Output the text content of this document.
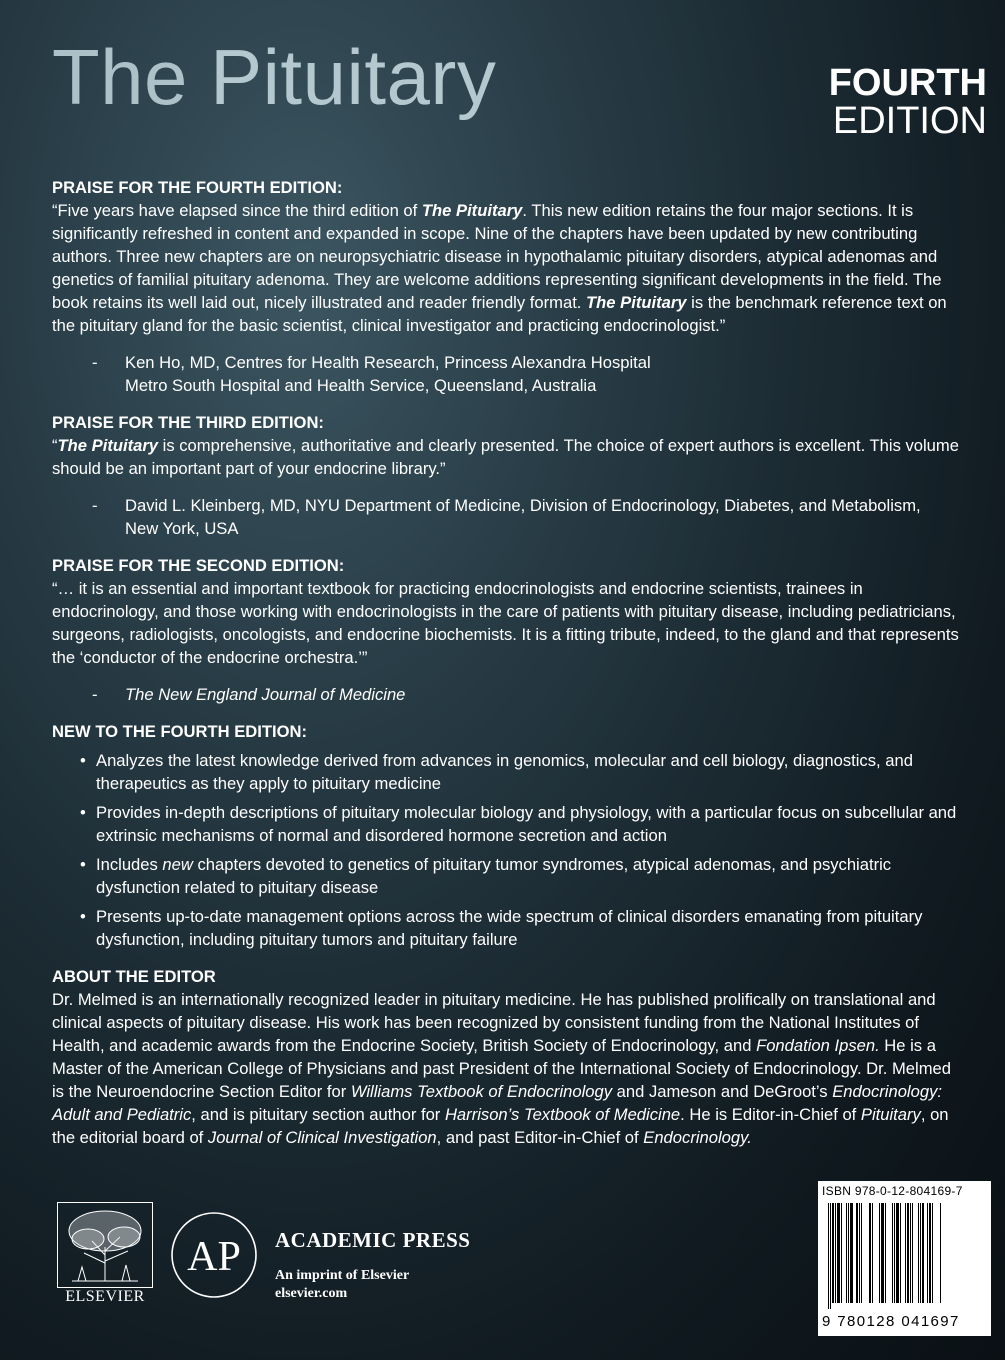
The Pituitary	FOURTH
EDITION

PRAISE FOR THE FOURTH EDITION:

“Five years have elapsed since the third edition of The Pituitary. This new edition retains the four major sections. It is significantly refreshed in content and expanded in scope. Nine of the chapters have been updated by new contributing authors. Three new chapters are on neuropsychiatric disease in hypothalamic pituitary disorders, atypical adenomas and genetics of familial pituitary adenoma. They are welcome additions representing significant developments in the field. The book retains its well laid out, nicely illustrated and reader friendly format. The Pituitary is the benchmark reference text on the pituitary gland for the basic scientist, clinical investigator and practicing endocrinologist.”

-	Ken Ho, MD, Centres for Health Research, Princess Alexandra Hospital
Metro South Hospital and Health Service, Queensland, Australia

PRAISE FOR THE THIRD EDITION:

“The Pituitary is comprehensive, authoritative and clearly presented. The choice of expert authors is excellent. This volume should be an important part of your endocrine library.”

-	David L. Kleinberg, MD, NYU Department of Medicine, Division of Endocrinology, Diabetes, and Metabolism,
New York, USA

PRAISE FOR THE SECOND EDITION:

“… it is an essential and important textbook for practicing endocrinologists and endocrine scientists, trainees in endocrinology, and those working with endocrinologists in the care of patients with pituitary disease, including pediatricians, surgeons, radiologists, oncologists, and endocrine biochemists. It is a fitting tribute, indeed, to the gland and that represents the ‘conductor of the endocrine orchestra.’”

-	The New England Journal of Medicine

NEW TO THE FOURTH EDITION:

• Analyzes the latest knowledge derived from advances in genomics, molecular and cell biology, diagnostics, and therapeutics as they apply to pituitary medicine
• Provides in-depth descriptions of pituitary molecular biology and physiology, with a particular focus on subcellular and extrinsic mechanisms of normal and disordered hormone secretion and action
• Includes new chapters devoted to genetics of pituitary tumor syndromes, atypical adenomas, and psychiatric dysfunction related to pituitary disease
• Presents up-to-date management options across the wide spectrum of clinical disorders emanating from pituitary dysfunction, including pituitary tumors and pituitary failure

ABOUT THE EDITOR

Dr. Melmed is an internationally recognized leader in pituitary medicine. He has published prolifically on translational and clinical aspects of pituitary disease. His work has been recognized by consistent funding from the National Institutes of Health, and academic awards from the Endocrine Society, British Society of Endocrinology, and Fondation Ipsen. He is a Master of the American College of Physicians and past President of the International Society of Endocrinology. Dr. Melmed is the Neuroendocrine Section Editor for Williams Textbook of Endocrinology and Jameson and DeGroot’s Endocrinology: Adult and Pediatric, and is pituitary section author for Harrison’s Textbook of Medicine. He is Editor-in-Chief of Pituitary, on the editorial board of Journal of Clinical Investigation, and past Editor-in-Chief of Endocrinology.

ELSEVIER
AP ACADEMIC PRESS
An imprint of Elsevier
elsevier.com
ISBN 978-0-12-804169-7
9 780128 041697
